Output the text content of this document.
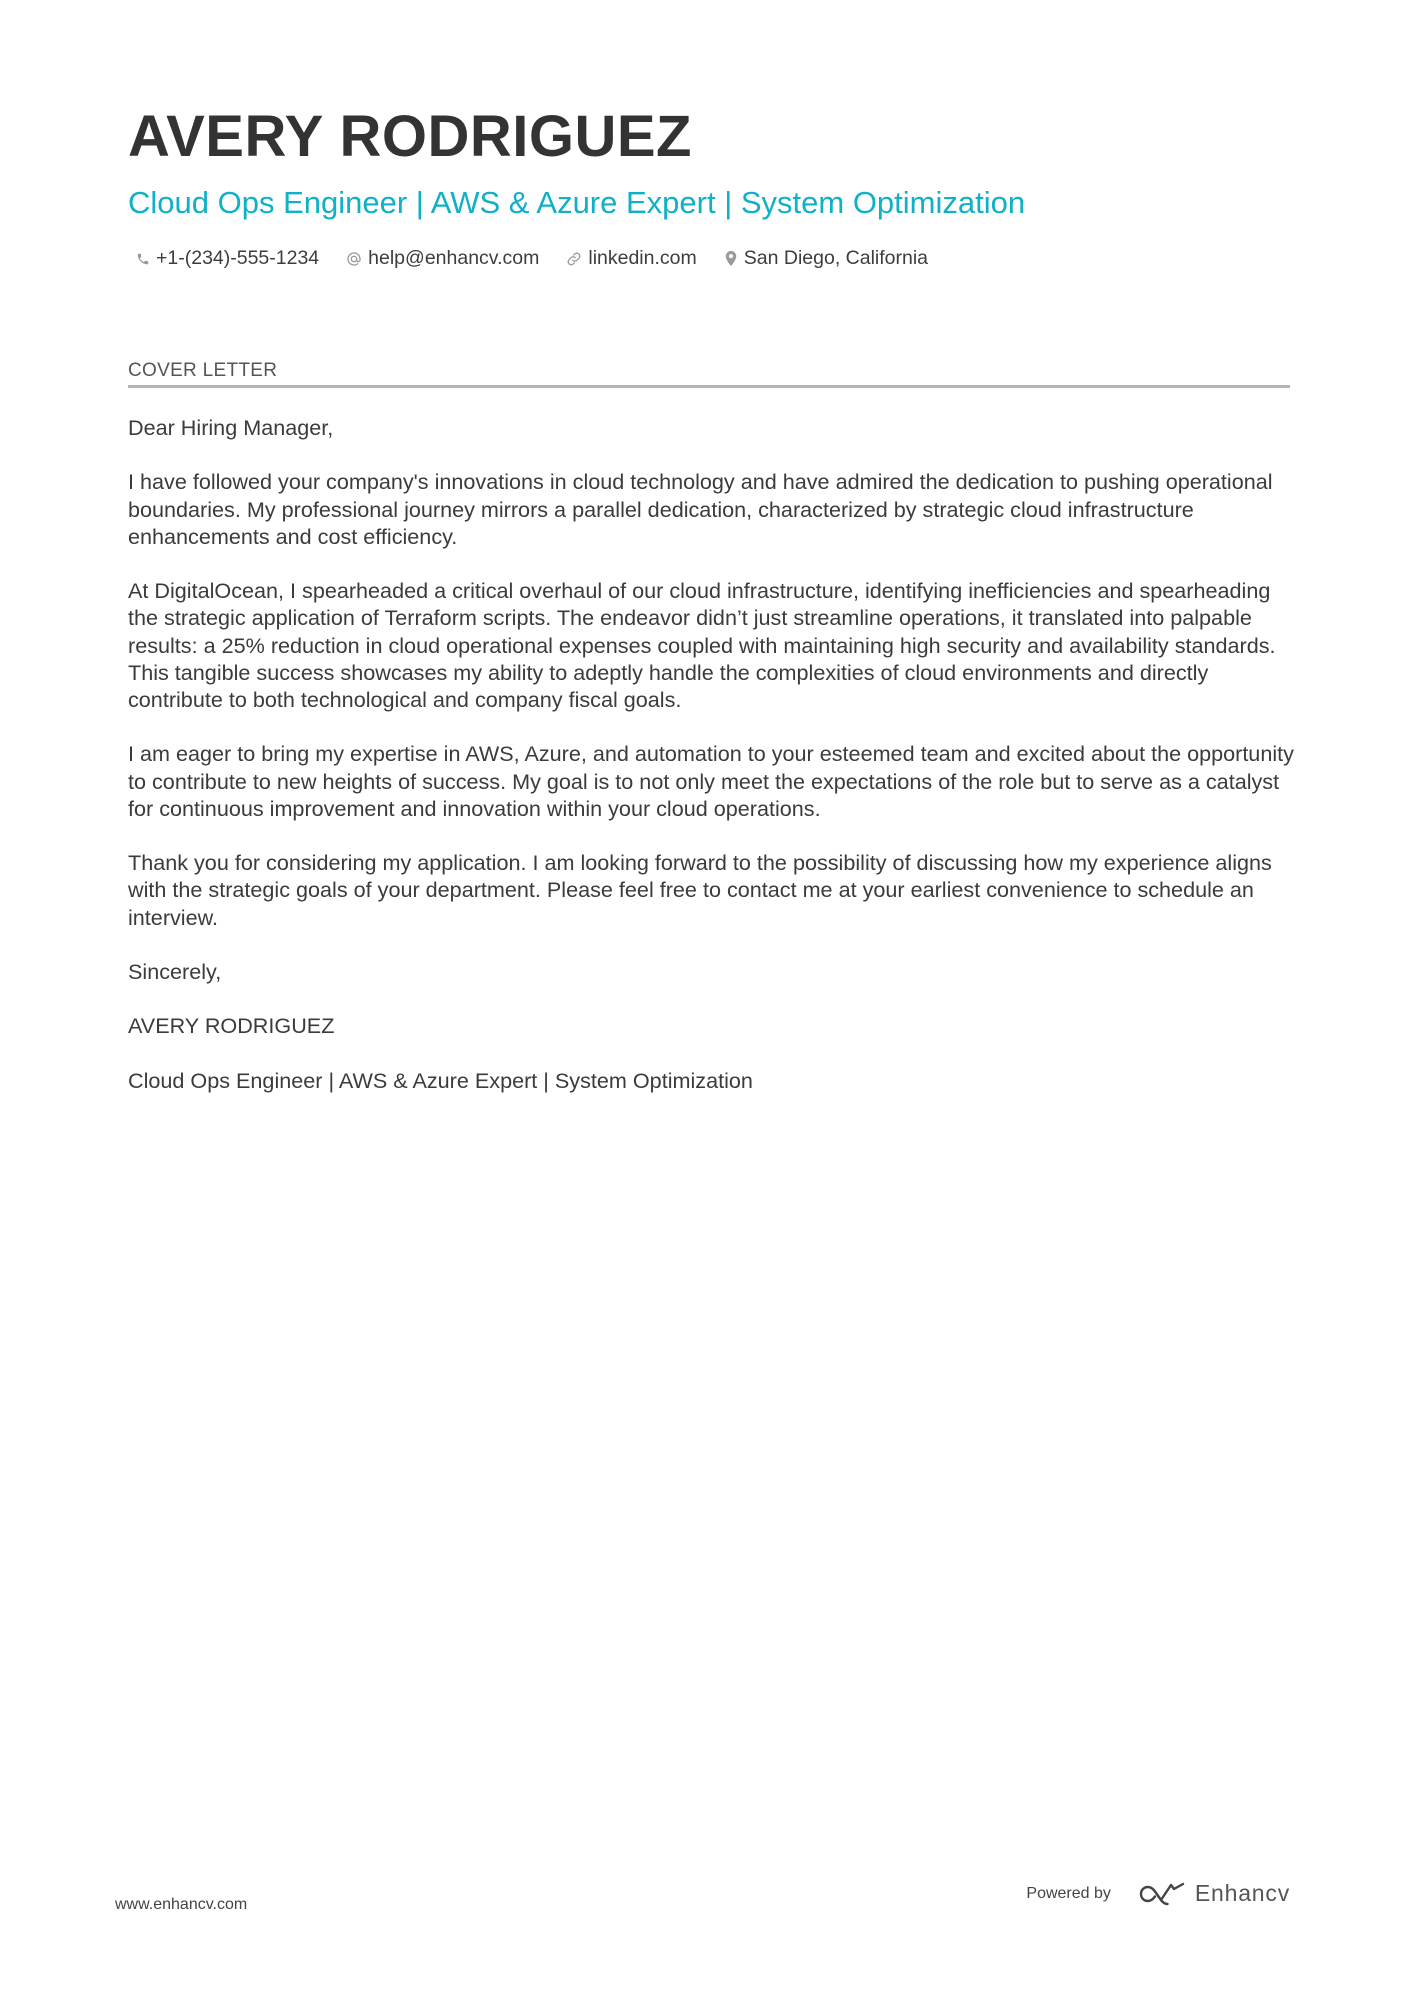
AVERY RODRIGUEZ
Cloud Ops Engineer | AWS & Azure Expert | System Optimization
+1-(234)-555-1234	help@enhancv.com	linkedin.com San Diego, California
COVER LETTER

Dear Hiring Manager,

I have followed your company's innovations in cloud technology and have admired the dedication to pushing operational boundaries. My professional journey mirrors a parallel dedication, characterized by strategic cloud infrastructure enhancements and cost efficiency.

At DigitalOcean, I spearheaded a critical overhaul of our cloud infrastructure, identifying inefficiencies and spearheading the strategic application of Terraform scripts. The endeavor didn’t just streamline operations, it translated into palpable results: a 25% reduction in cloud operational expenses coupled with maintaining high security and availability standards. This tangible success showcases my ability to adeptly handle the complexities of cloud environments and directly contribute to both technological and company fiscal goals.

I am eager to bring my expertise in AWS, Azure, and automation to your esteemed team and excited about the opportunity to contribute to new heights of success. My goal is to not only meet the expectations of the role but to serve as a catalyst for continuous improvement and innovation within your cloud operations.

Thank you for considering my application. I am looking forward to the possibility of discussing how my experience aligns with the strategic goals of your department. Please feel free to contact me at your earliest convenience to schedule an interview.

Sincerely,

AVERY RODRIGUEZ

Cloud Ops Engineer | AWS & Azure Expert | System Optimization

www.enhancv.com
Powered by	Enhancv
